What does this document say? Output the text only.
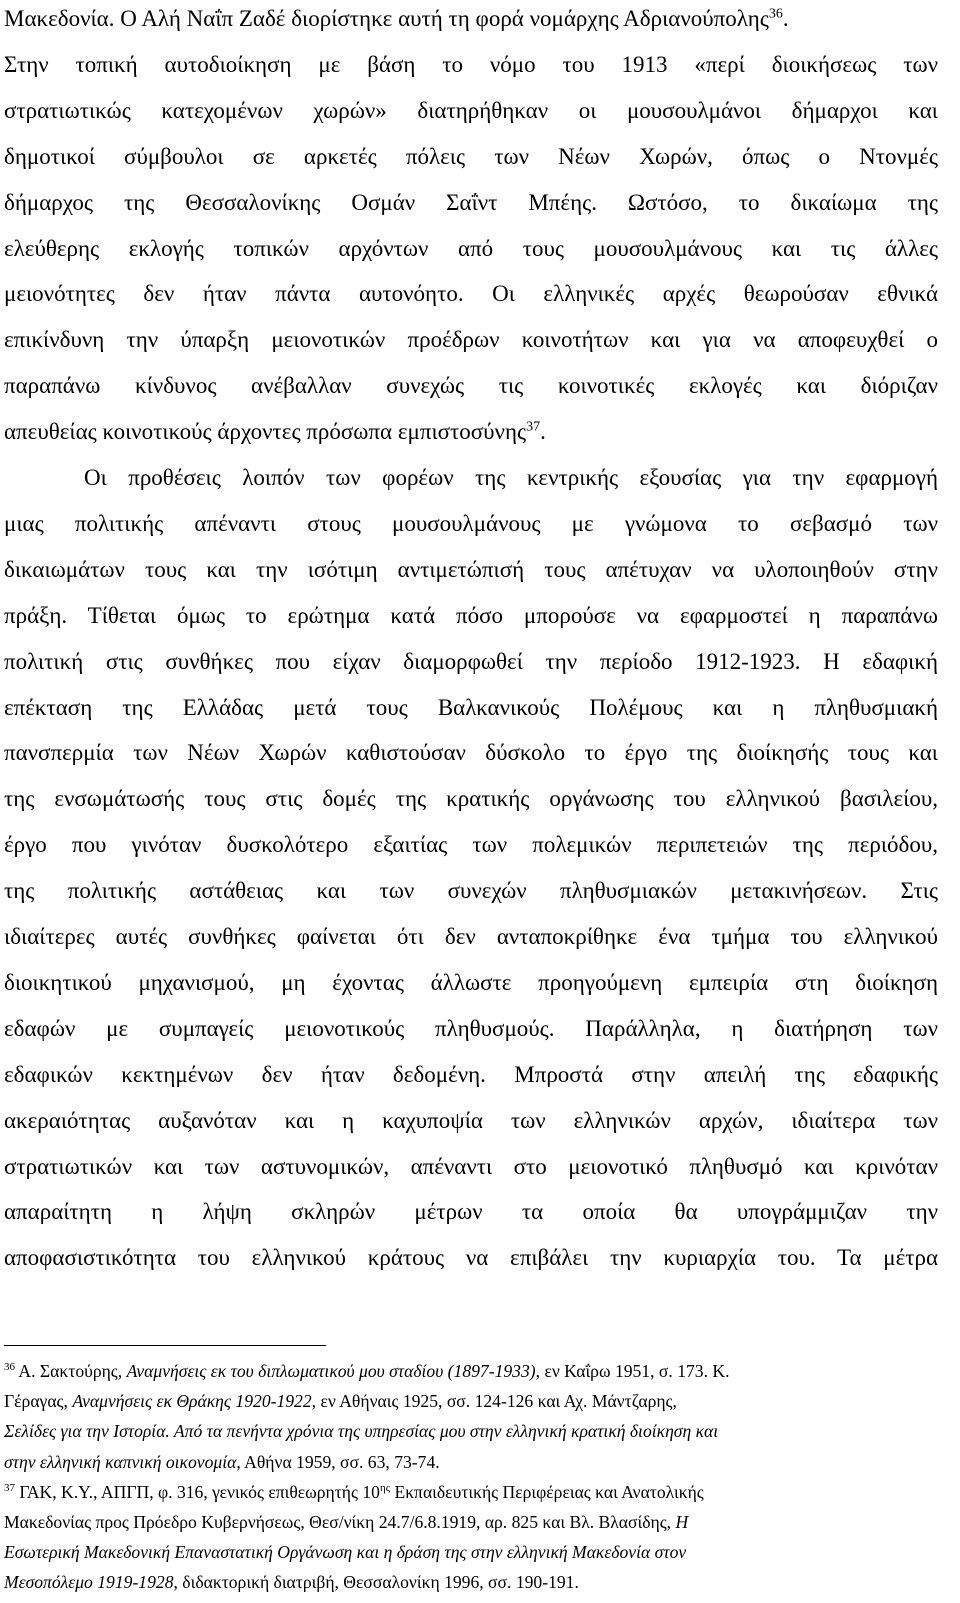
Μακεδονία. Ο Αλή Ναΐπ Ζαδέ διορίστηκε αυτή τη φορά νομάρχης Αδριανούπολης$^{36}$.
Στην τοπική αυτοδιοίκηση με βάση το νόμο του 1913 «περί διοικήσεως των
στρατιωτικώς κατεχομένων χωρών» διατηρήθηκαν οι μουσουλμάνοι δήμαρχοι και
δημοτικοί σύμβουλοι σε αρκετές πόλεις των Νέων Χωρών, όπως ο Ντονμές
δήμαρχος της Θεσσαλονίκης Οσμάν Σαΐντ Μπέης. Ωστόσο, το δικαίωμα της
ελεύθερης εκλογής τοπικών αρχόντων από τους μουσουλμάνους και τις άλλες
μειονότητες δεν ήταν πάντα αυτονόητο. Οι ελληνικές αρχές θεωρούσαν εθνικά
επικίνδυνη την ύπαρξη μειονοτικών προέδρων κοινοτήτων και για να αποφευχθεί ο
παραπάνω κίνδυνος ανέβαλλαν συνεχώς τις κοινοτικές εκλογές και διόριζαν
απευθείας κοινοτικούς άρχοντες πρόσωπα εμπιστοσύνης$^{37}$.
Οι προθέσεις λοιπόν των φορέων της κεντρικής εξουσίας για την εφαρμογή
μιας πολιτικής απέναντι στους μουσουλμάνους με γνώμονα το σεβασμό των
δικαιωμάτων τους και την ισότιμη αντιμετώπισή τους απέτυχαν να υλοποιηθούν στην
πράξη. Τίθεται όμως το ερώτημα κατά πόσο μπορούσε να εφαρμοστεί η παραπάνω
πολιτική στις συνθήκες που είχαν διαμορφωθεί την περίοδο 1912-1923. Η εδαφική
επέκταση της Ελλάδας μετά τους Βαλκανικούς Πολέμους και η πληθυσμιακή
πανσπερμία των Νέων Χωρών καθιστούσαν δύσκολο το έργο της διοίκησής τους και
της ενσωμάτωσής τους στις δομές της κρατικής οργάνωσης του ελληνικού βασιλείου,
έργο που γινόταν δυσκολότερο εξαιτίας των πολεμικών περιπετειών της περιόδου,
της πολιτικής αστάθειας και των συνεχών πληθυσμιακών μετακινήσεων. Στις
ιδιαίτερες αυτές συνθήκες φαίνεται ότι δεν ανταποκρίθηκε ένα τμήμα του ελληνικού
διοικητικού μηχανισμού, μη έχοντας άλλωστε προηγούμενη εμπειρία στη διοίκηση
εδαφών με συμπαγείς μειονοτικούς πληθυσμούς. Παράλληλα, η διατήρηση των
εδαφικών κεκτημένων δεν ήταν δεδομένη. Μπροστά στην απειλή της εδαφικής
ακεραιότητας αυξανόταν και η καχυποψία των ελληνικών αρχών, ιδιαίτερα των
στρατιωτικών και των αστυνομικών, απέναντι στο μειονοτικό πληθυσμό και κρινόταν
απαραίτητη η λήψη σκληρών μέτρων τα οποία θα υπογράμμιζαν την
αποφασιστικότητα του ελληνικού κράτους να επιβάλει την κυριαρχία του. Τα μέτρα
$^{36}$ Α. Σακτούρης, Αναμνήσεις εκ του διπλωματικού μου σταδίου (1897-1933), εν Καΐρω 1951, σ. 173. Κ.
Γέραγας, Αναμνήσεις εκ Θράκης 1920-1922, εν Αθήναις 1925, σσ. 124-126 και Αχ. Μάντζαρης,
Σελίδες για την Ιστορία. Από τα πενήντα χρόνια της υπηρεσίας μου στην ελληνική κρατική διοίκηση και
στην ελληνική καπνική οικονομία, Αθήνα 1959, σσ. 63, 73-74.
$^{37}$ ΓΑΚ, Κ.Υ., ΑΠΓΠ, φ. 316, γενικός επιθεωρητής $10^{\eta\varsigma}$ Εκπαιδευτικής Περιφέρειας και Ανατολικής
Μακεδονίας προς Πρόεδρο Κυβερνήσεως, Θεσ/νίκη 24.7/6.8.1919, αρ. 825 και Βλ. Βλασίδης, Η
Εσωτερική Μακεδονική Επαναστατική Οργάνωση και η δράση της στην ελληνική Μακεδονία στον
Μεσοπόλεμο 1919-1928, διδακτορική διατριβή, Θεσσαλονίκη 1996, σσ. 190-191.
